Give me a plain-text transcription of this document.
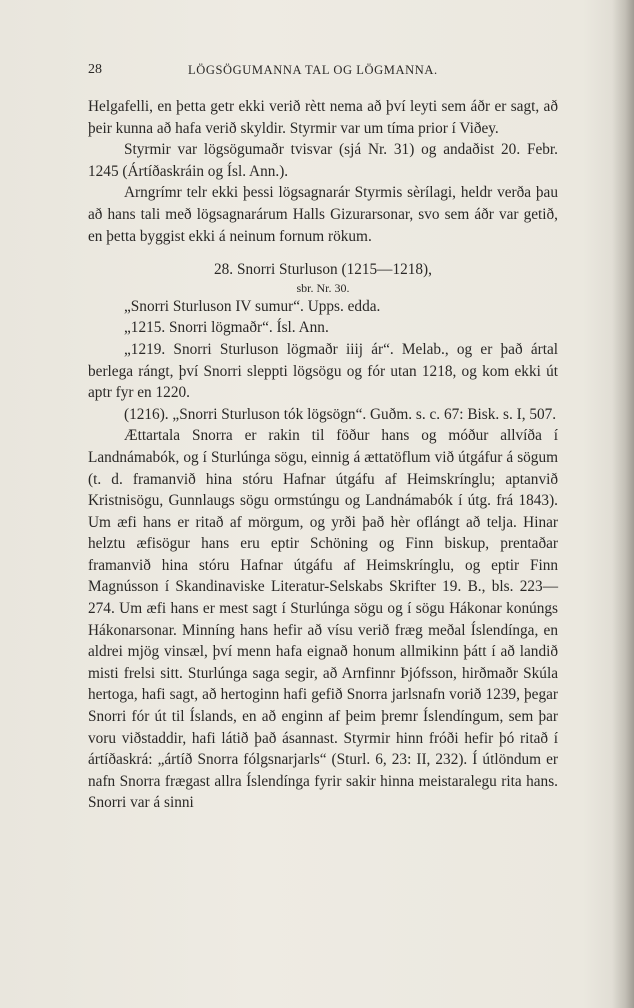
28	LÖGSÖGUMANNA TAL OG LÖGMANNA.

Helgafelli, en þetta getr ekki verið rètt nema að því leyti sem áðr er sagt, að þeir kunna að hafa verið skyldir. Styrmir var um tíma prior í Viðey.

Styrmir var lögsögumaðr tvisvar (sjá Nr. 31) og andaðist 20. Febr. 1245 (Ártíðaskráin og Ísl. Ann.).

Arngrímr telr ekki þessi lögsagnarár Styrmis sèrílagi, heldr verða þau að hans tali með lögsagnarárum Halls Gizurarsonar, svo sem áðr var getið, en þetta byggist ekki á neinum fornum rökum.

28. Snorri Sturluson (1215—1218),

sbr. Nr. 30.

„Snorri Sturluson IV sumur“. Upps. edda.

„1215. Snorri lögmaðr“. Ísl. Ann.

„1219. Snorri Sturluson lögmaðr iiij ár“. Melab., og er það ártal berlega rángt, því Snorri sleppti lögsögu og fór utan 1218, og kom ekki út aptr fyr en 1220.

(1216). „Snorri Sturluson tók lögsögn“. Guðm. s. c. 67: Bisk. s. I, 507.

Ættartala Snorra er rakin til föður hans og móður allvíða í Landnámabók, og í Sturlúnga sögu, einnig á ættatöflum við útgáfur á sögum (t. d. framanvið hina stóru Hafnar útgáfu af Heimskrínglu; aptanvið Kristnisögu, Gunnlaugs sögu ormstúngu og Landnámabók í útg. frá 1843). Um æfi hans er ritað af mörgum, og yrði það hèr oflángt að telja. Hinar helztu æfisögur hans eru eptir Schöning og Finn biskup, prentaðar framanvið hina stóru Hafnar útgáfu af Heimskrínglu, og eptir Finn Magnússon í Skandinaviske Literatur-Selskabs Skrifter 19. B., bls. 223—274. Um æfi hans er mest sagt í Sturlúnga sögu og í sögu Hákonar konúngs Hákonarsonar. Minníng hans hefir að vísu verið fræg meðal Íslendínga, en aldrei mjög vinsæl, því menn hafa eignað honum allmikinn þátt í að landið misti frelsi sitt. Sturlúnga saga segir, að Arnfinnr Þjófsson, hirðmaðr Skúla hertoga, hafi sagt, að hertoginn hafi gefið Snorra jarlsnafn vorið 1239, þegar Snorri fór út til Íslands, en að enginn af þeim þremr Íslendíngum, sem þar voru viðstaddir, hafi látið það ásannast. Styrmir hinn fróði hefir þó ritað í ártíðaskrá: „ártíð Snorra fólgsnarjarls“ (Sturl. 6, 23: II, 232). Í útlöndum er nafn Snorra frægast allra Íslendínga fyrir sakir hinna meistaralegu rita hans. Snorri var á sinni
